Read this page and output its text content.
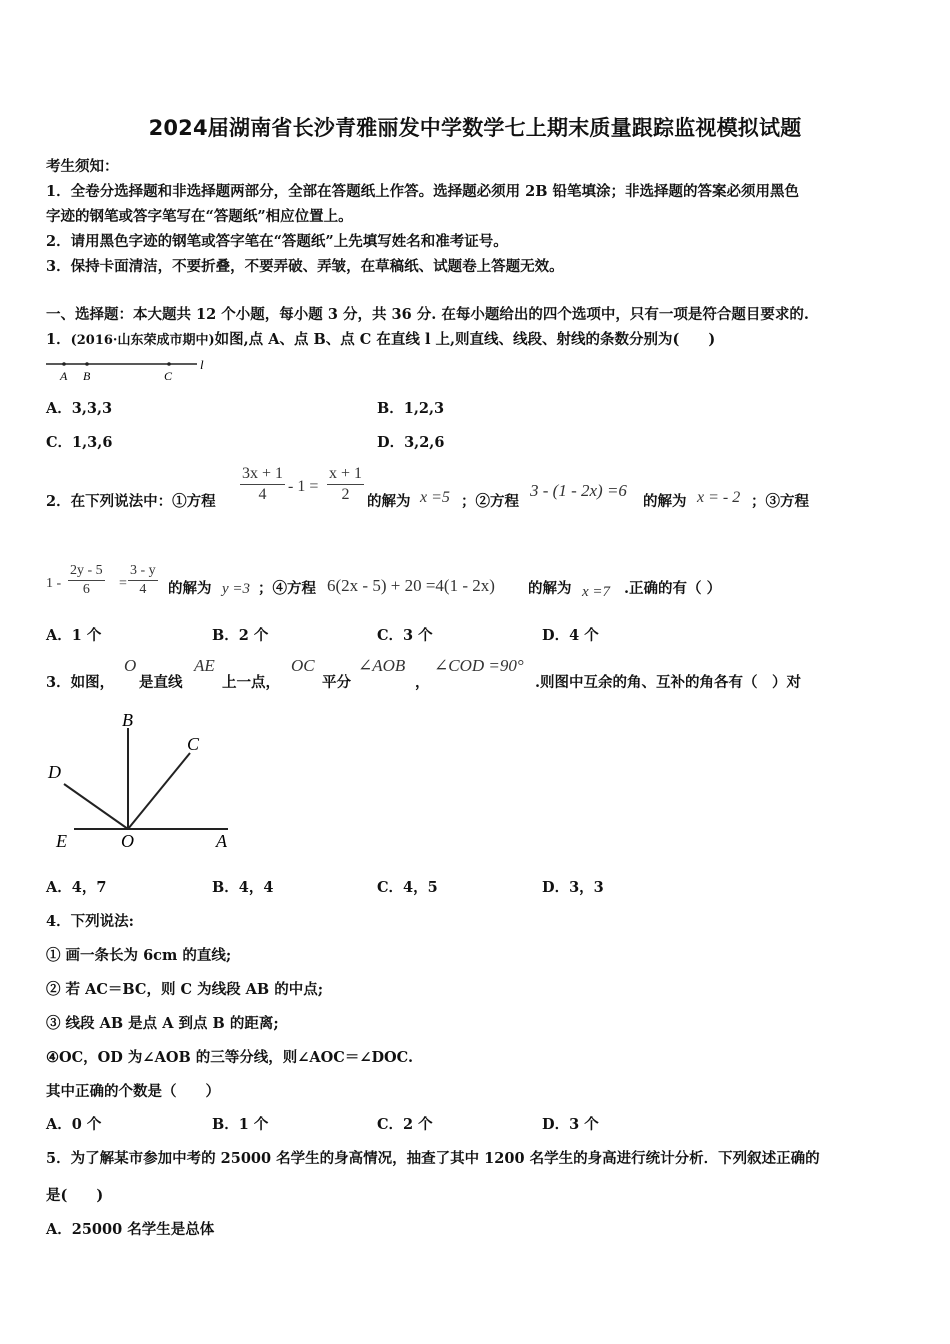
2024届湖南省长沙青雅丽发中学数学七上期末质量跟踪监视模拟试题
考生须知：
1．全卷分选择题和非选择题两部分，全部在答题纸上作答。选择题必须用 2B 铅笔填涂；非选择题的答案必须用黑色
字迹的钢笔或答字笔写在“答题纸”相应位置上。
2．请用黑色字迹的钢笔或答字笔在“答题纸”上先填写姓名和准考证号。
3．保持卡面清洁，不要折叠，不要弄破、弄皱，在草稿纸、试题卷上答题无效。
一、选择题：本大题共 12 个小题，每小题 3 分，共 36 分. 在每小题给出的四个选项中，只有一项是符合题目要求的.
1．(2016·山东荣成市期中)如图,点 A、点 B、点 C 在直线 l 上,则直线、线段、射线的条数分别为(　　)
A B	C
l
A．3,3,3	B．1,2,3
C．1,3,6	D．3,2,6
2．在下列说法中：①方程 $\frac{3x + 1}{4} - 1 = \frac{x + 1}{2}$ 的解为 x =5 ；②方程
3 - (1 - 2x) =6
的解为 x = - 2 ；③方程
$1 - \frac{2y - 5}{6} = \frac{3 - y}{4}$ 的解为 y =3 ；④方程 6(2x - 5) + 20 =4(1 - 2x) 的解为 x =7 .正确的有（ ）
A．1 个	B．2 个	C．3 个	D．4 个
3．如图，
O
是直线
AE
上一点，
OC
平分
∠AOB
，
∠COD =90°
.则图中互余的角、互补的角各有（　）对
B
C
D
E	O	A
A．4，7	B．4，4	C．4，5	D．3，3
4．下列说法:
① 画一条长为 6cm 的直线;
② 若 AC＝BC，则 C 为线段 AB 的中点;
③ 线段 AB 是点 A 到点 B 的距离;
④OC，OD 为∠AOB 的三等分线，则∠AOC＝∠DOC.
其中正确的个数是（　　）
A．0 个	B．1 个	C．2 个	D．3 个
5．为了解某市参加中考的 25000 名学生的身高情况，抽查了其中 1200 名学生的身高进行统计分析．下列叙述正确的
是(　　)
A．25000 名学生是总体
